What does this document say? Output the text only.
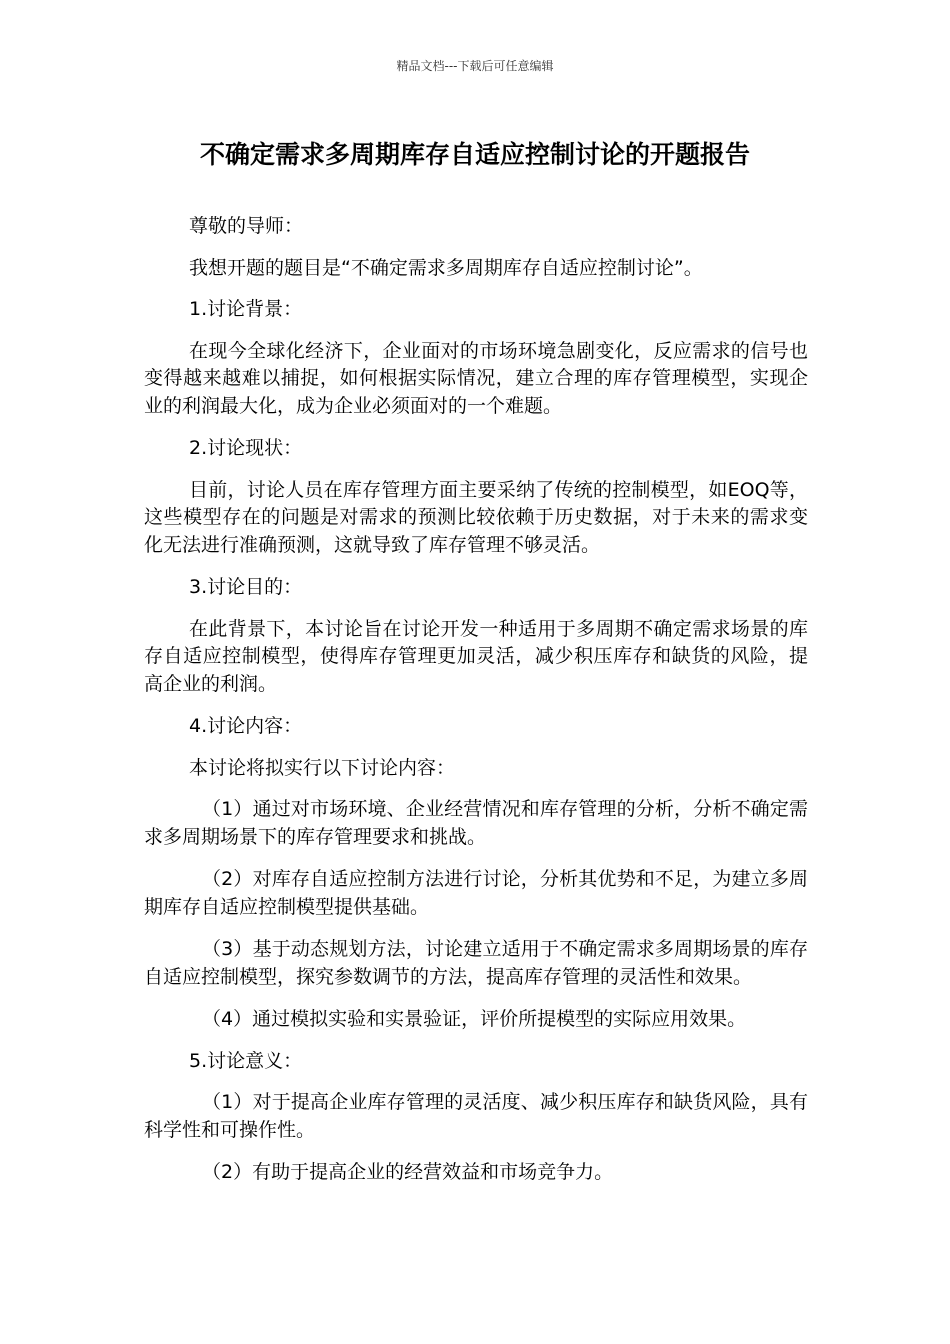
精品文档---下载后可任意编辑
不确定需求多周期库存自适应控制讨论的开题报告

尊敬的导师：

我想开题的题目是“不确定需求多周期库存自适应控制讨论”。

1.讨论背景：

在现今全球化经济下，企业面对的市场环境急剧变化，反应需求的信号也变得越来越难以捕捉，如何根据实际情况，建立合理的库存管理模型，实现企业的利润最大化，成为企业必须面对的一个难题。

2.讨论现状：

目前，讨论人员在库存管理方面主要采纳了传统的控制模型，如EOQ等，这些模型存在的问题是对需求的预测比较依赖于历史数据，对于未来的需求变化无法进行准确预测，这就导致了库存管理不够灵活。

3.讨论目的：

在此背景下，本讨论旨在讨论开发一种适用于多周期不确定需求场景的库存自适应控制模型，使得库存管理更加灵活，减少积压库存和缺货的风险，提高企业的利润。

4.讨论内容：

本讨论将拟实行以下讨论内容：

（1）通过对市场环境、企业经营情况和库存管理的分析，分析不确定需求多周期场景下的库存管理要求和挑战。

（2）对库存自适应控制方法进行讨论，分析其优势和不足，为建立多周期库存自适应控制模型提供基础。

（3）基于动态规划方法，讨论建立适用于不确定需求多周期场景的库存自适应控制模型，探究参数调节的方法，提高库存管理的灵活性和效果。

（4）通过模拟实验和实景验证，评价所提模型的实际应用效果。

5.讨论意义：

（1）对于提高企业库存管理的灵活度、减少积压库存和缺货风险，具有科学性和可操作性。

（2）有助于提高企业的经营效益和市场竞争力。
